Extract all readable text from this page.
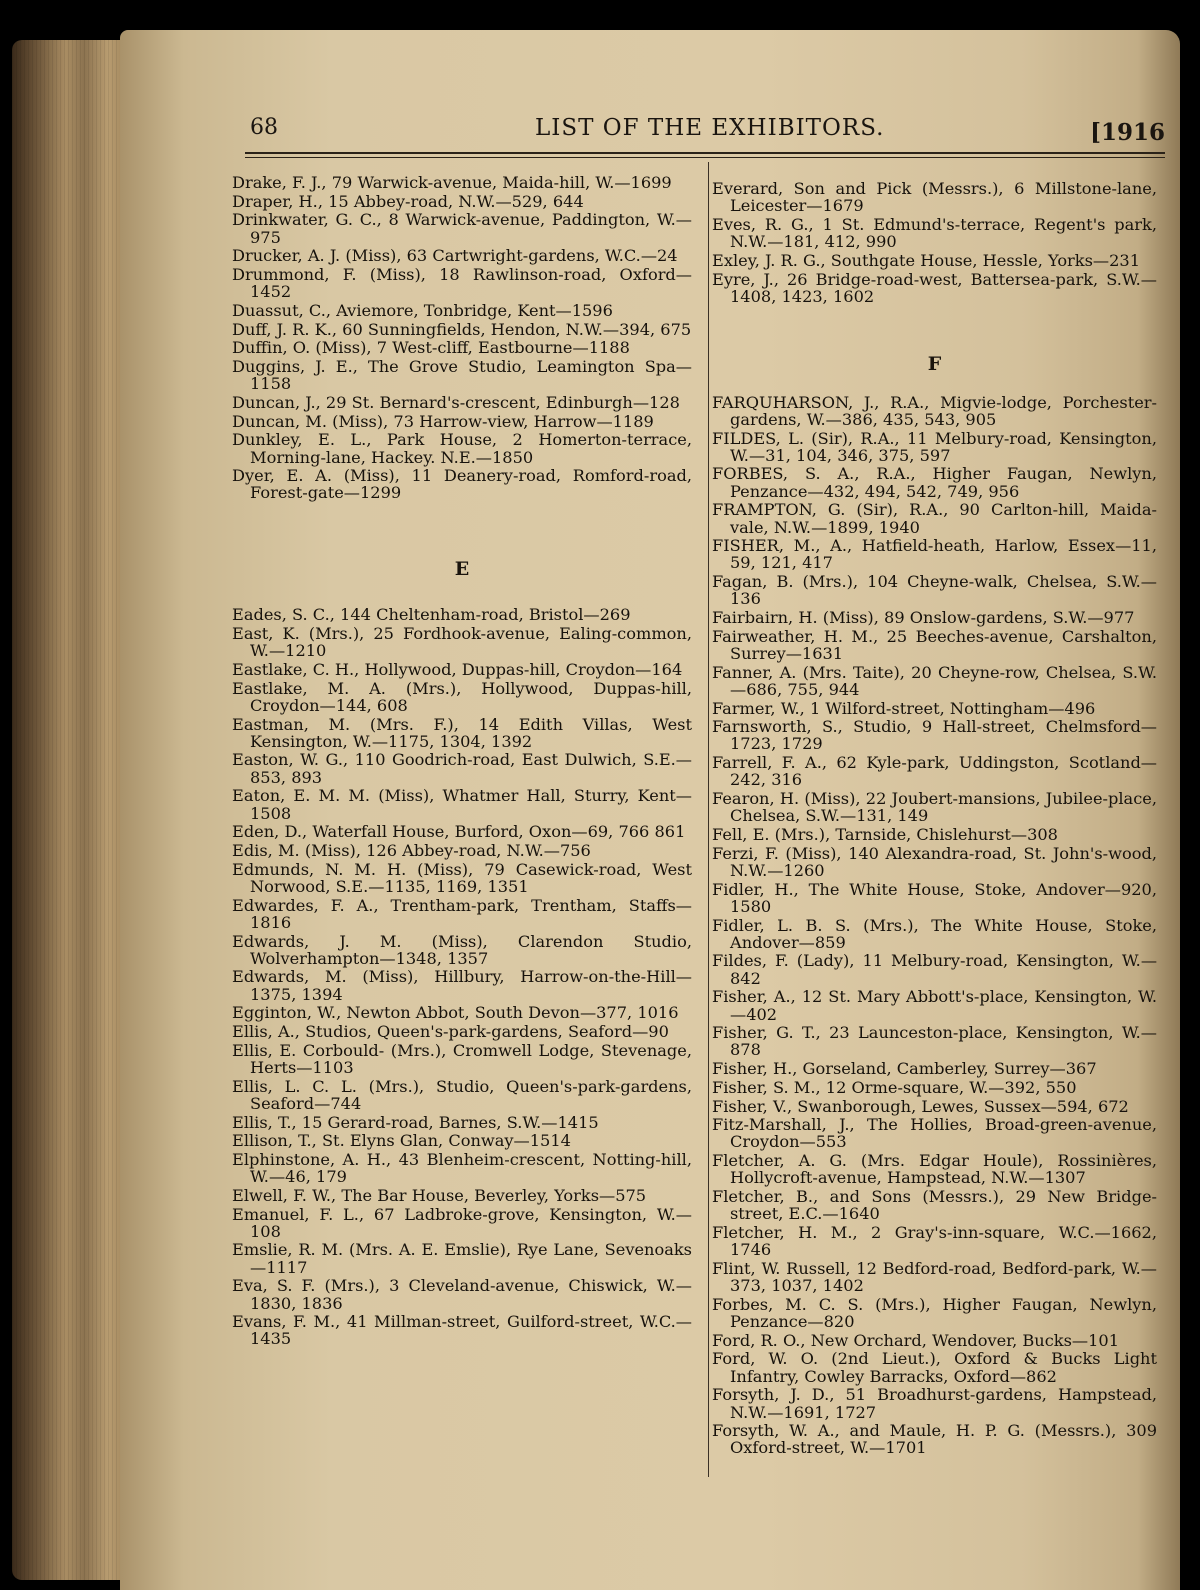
68	LIST OF THE EXHIBITORS.	[1916

Drake, F. J., 79 Warwick-avenue, Maida-hill, W.—1699

Draper, H., 15 Abbey-road, N.W.—529, 644

Drinkwater, G. C., 8 Warwick-avenue, Paddington, W.—975

Drucker, A. J. (Miss), 63 Cartwright-gardens, W.C.—24

Drummond, F. (Miss), 18 Rawlinson-road, Oxford—1452

Duassut, C., Aviemore, Tonbridge, Kent—1596

Duff, J. R. K., 60 Sunningfields, Hendon, N.W.—394, 675

Duffin, O. (Miss), 7 West-cliff, Eastbourne—1188

Duggins, J. E., The Grove Studio, Leamington Spa—1158

Duncan, J., 29 St. Bernard's-crescent, Edinburgh—128

Duncan, M. (Miss), 73 Harrow-view, Harrow—1189

Dunkley, E. L., Park House, 2 Homerton-terrace, Morning-lane, Hackey. N.E.—1850

Dyer, E. A. (Miss), 11 Deanery-road, Romford-road, Forest-gate—1299

E

Eades, S. C., 144 Cheltenham-road, Bristol—269

East, K. (Mrs.), 25 Fordhook-avenue, Ealing-common, W.—1210

Eastlake, C. H., Hollywood, Duppas-hill, Croydon—164

Eastlake, M. A. (Mrs.), Hollywood, Duppas-hill, Croydon—144, 608

Eastman, M. (Mrs. F.), 14 Edith Villas, West Kensington, W.—1175, 1304, 1392

Easton, W. G., 110 Goodrich-road, East Dulwich, S.E.—853, 893

Eaton, E. M. M. (Miss), Whatmer Hall, Sturry, Kent—1508

Eden, D., Waterfall House, Burford, Oxon—69, 766 861

Edis, M. (Miss), 126 Abbey-road, N.W.—756

Edmunds, N. M. H. (Miss), 79 Casewick-road, West Norwood, S.E.—1135, 1169, 1351

Edwardes, F. A., Trentham-park, Trentham, Staffs—1816

Edwards, J. M. (Miss), Clarendon Studio, Wolverhampton—1348, 1357

Edwards, M. (Miss), Hillbury, Harrow-on-the-Hill—1375, 1394

Egginton, W., Newton Abbot, South Devon—377, 1016

Ellis, A., Studios, Queen's-park-gardens, Seaford—90

Ellis, E. Corbould- (Mrs.), Cromwell Lodge, Stevenage, Herts—1103

Ellis, L. C. L. (Mrs.), Studio, Queen's-park-gardens, Seaford—744

Ellis, T., 15 Gerard-road, Barnes, S.W.—1415

Ellison, T., St. Elyns Glan, Conway—1514

Elphinstone, A. H., 43 Blenheim-crescent, Notting-hill, W.—46, 179

Elwell, F. W., The Bar House, Beverley, Yorks—575

Emanuel, F. L., 67 Ladbroke-grove, Kensington, W.—108

Emslie, R. M. (Mrs. A. E. Emslie), Rye Lane, Sevenoaks—1117

Eva, S. F. (Mrs.), 3 Cleveland-avenue, Chiswick, W.—1830, 1836

Evans, F. M., 41 Millman-street, Guilford-street, W.C.—1435

Everard, Son and Pick (Messrs.), 6 Millstone-lane, Leicester—1679

Eves, R. G., 1 St. Edmund's-terrace, Regent's park, N.W.—181, 412, 990

Exley, J. R. G., Southgate House, Hessle, Yorks—231

Eyre, J., 26 Bridge-road-west, Battersea-park, S.W.—1408, 1423, 1602

F

FARQUHARSON, J., R.A., Migvie-lodge, Porchester-gardens, W.—386, 435, 543, 905

FILDES, L. (Sir), R.A., 11 Melbury-road, Kensington, W.—31, 104, 346, 375, 597

FORBES, S. A., R.A., Higher Faugan, Newlyn, Penzance—432, 494, 542, 749, 956

FRAMPTON, G. (Sir), R.A., 90 Carlton-hill, Maida-vale, N.W.—1899, 1940

FISHER, M., A., Hatfield-heath, Harlow, Essex—11, 59, 121, 417

Fagan, B. (Mrs.), 104 Cheyne-walk, Chelsea, S.W.—136

Fairbairn, H. (Miss), 89 Onslow-gardens, S.W.—977

Fairweather, H. M., 25 Beeches-avenue, Carshalton, Surrey—1631

Fanner, A. (Mrs. Taite), 20 Cheyne-row, Chelsea, S.W.—686, 755, 944

Farmer, W., 1 Wilford-street, Nottingham—496

Farnsworth, S., Studio, 9 Hall-street, Chelmsford—1723, 1729

Farrell, F. A., 62 Kyle-park, Uddingston, Scotland—242, 316

Fearon, H. (Miss), 22 Joubert-mansions, Jubilee-place, Chelsea, S.W.—131, 149

Fell, E. (Mrs.), Tarnside, Chislehurst—308

Ferzi, F. (Miss), 140 Alexandra-road, St. John's-wood, N.W.—1260

Fidler, H., The White House, Stoke, Andover—920, 1580

Fidler, L. B. S. (Mrs.), The White House, Stoke, Andover—859

Fildes, F. (Lady), 11 Melbury-road, Kensington, W.—842

Fisher, A., 12 St. Mary Abbott's-place, Kensington, W.—402

Fisher, G. T., 23 Launceston-place, Kensington, W.—878

Fisher, H., Gorseland, Camberley, Surrey—367

Fisher, S. M., 12 Orme-square, W.—392, 550

Fisher, V., Swanborough, Lewes, Sussex—594, 672

Fitz-Marshall, J., The Hollies, Broad-green-avenue, Croydon—553

Fletcher, A. G. (Mrs. Edgar Houle), Rossinières, Hollycroft-avenue, Hampstead, N.W.—1307

Fletcher, B., and Sons (Messrs.), 29 New Bridge-street, E.C.—1640

Fletcher, H. M., 2 Gray's-inn-square, W.C.—1662, 1746

Flint, W. Russell, 12 Bedford-road, Bedford-park, W.—373, 1037, 1402

Forbes, M. C. S. (Mrs.), Higher Faugan, Newlyn, Penzance—820

Ford, R. O., New Orchard, Wendover, Bucks—101

Ford, W. O. (2nd Lieut.), Oxford & Bucks Light Infantry, Cowley Barracks, Oxford—862

Forsyth, J. D., 51 Broadhurst-gardens, Hampstead, N.W.—1691, 1727

Forsyth, W. A., and Maule, H. P. G. (Messrs.), 309 Oxford-street, W.—1701
